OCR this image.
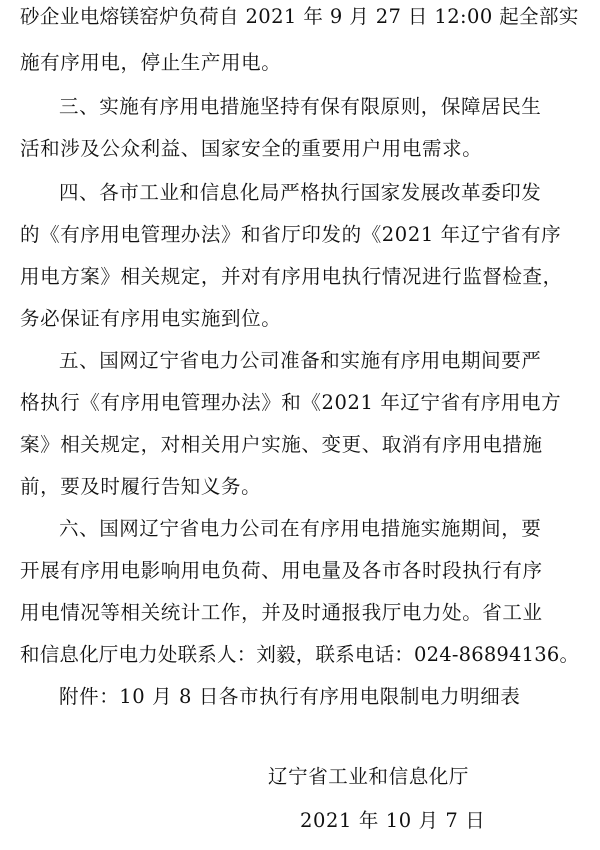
砂企业电熔镁窑炉负荷自 2021 年 9 月 27 日 12:00 起全部实
施有序用电，停止生产用电。
三、实施有序用电措施坚持有保有限原则，保障居民生
活和涉及公众利益、国家安全的重要用户用电需求。
四、各市工业和信息化局严格执行国家发展改革委印发
的《有序用电管理办法》和省厅印发的《2021 年辽宁省有序
用电方案》相关规定，并对有序用电执行情况进行监督检查，
务必保证有序用电实施到位。
五、国网辽宁省电力公司准备和实施有序用电期间要严
格执行《有序用电管理办法》和《2021 年辽宁省有序用电方
案》相关规定，对相关用户实施、变更、取消有序用电措施
前，要及时履行告知义务。
六、国网辽宁省电力公司在有序用电措施实施期间，要
开展有序用电影响用电负荷、用电量及各市各时段执行有序
用电情况等相关统计工作，并及时通报我厅电力处。省工业
和信息化厅电力处联系人：刘毅，联系电话：024-86894136。
附件：10 月 8 日各市执行有序用电限制电力明细表
辽宁省工业和信息化厅
2021 年 10 月 7 日
